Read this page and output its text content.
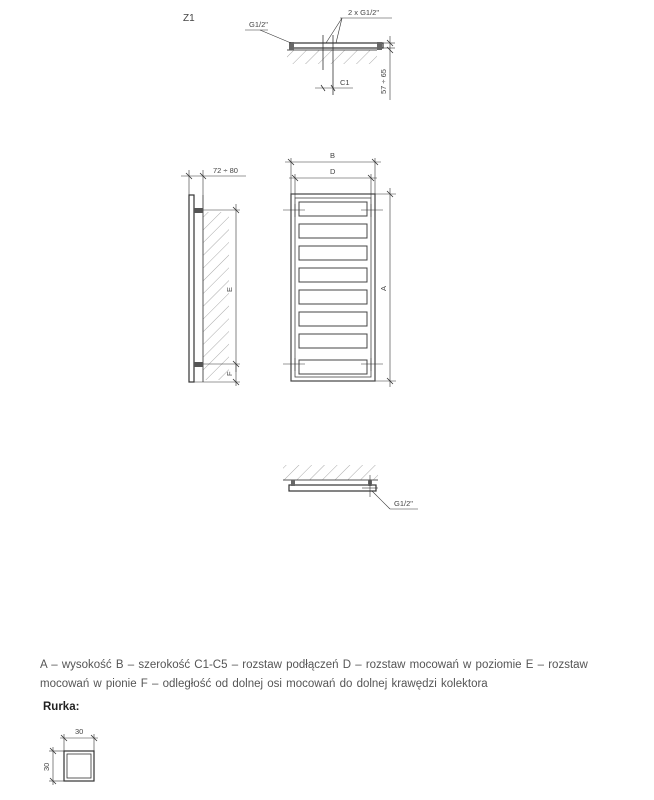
Z1
G1/2"
2 x G1/2"
C1	57 ÷ 65
72 ÷ 80
E
F
B
D
A
G1/2"
30
30
A – wysokość B – szerokość C1-C5 – rozstaw podłączeń D – rozstaw mocowań w poziomie E – rozstaw mocowań w pionie F – odległość od dolnej osi mocowań do dolnej krawędzi kolektora
Rurka:
